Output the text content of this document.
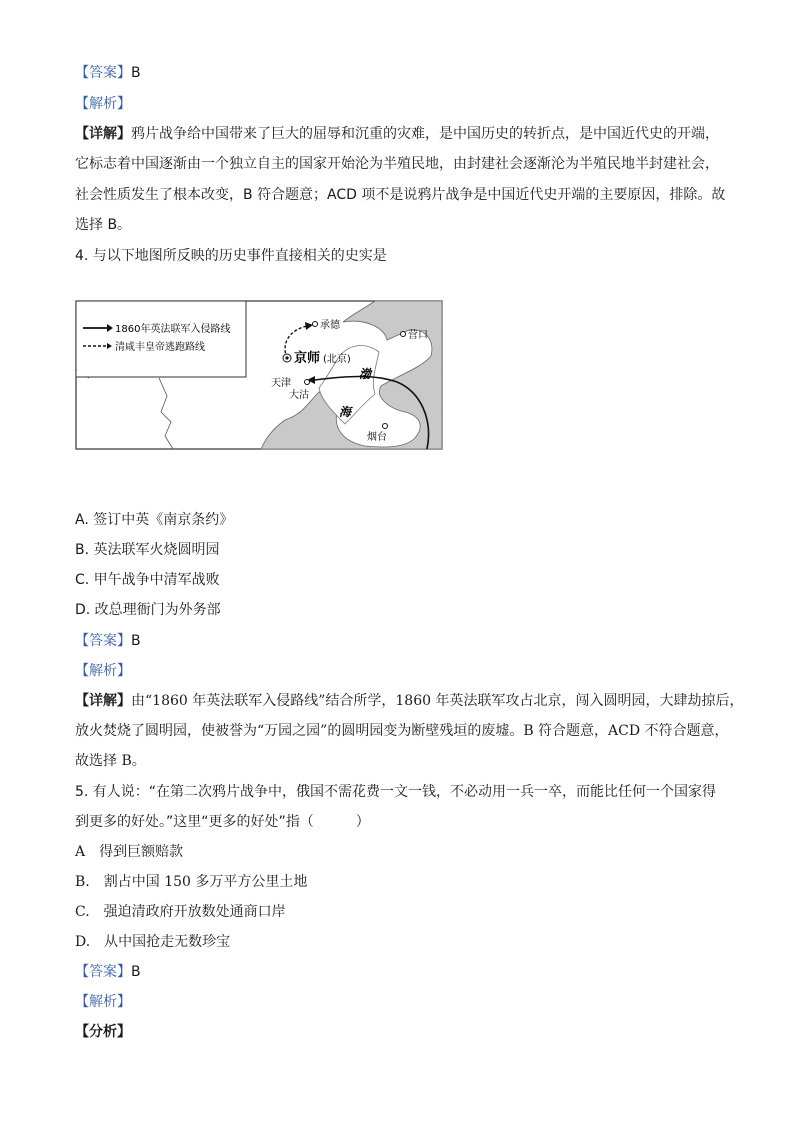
【答案】B
【解析】
【详解】鸦片战争给中国带来了巨大的屈辱和沉重的灾难，是中国历史的转折点，是中国近代史的开端，
它标志着中国逐渐由一个独立自主的国家开始沦为半殖民地，由封建社会逐渐沦为半殖民地半封建社会，
社会性质发生了根本改变，B 符合题意；ACD 项不是说鸦片战争是中国近代史开端的主要原因，排除。故
选择 B。
4. 与以下地图所反映的历史事件直接相关的史实是
1860年英法联军入侵路线
清咸丰皇帝逃跑路线
承德
营口
京师 (北京)
天津
大沽
渤
海
烟台
A. 签订中英《南京条约》
B. 英法联军火烧圆明园
C. 甲午战争中清军战败
D. 改总理衙门为外务部
【答案】B
【解析】
【详解】由“1860 年英法联军入侵路线”结合所学，1860 年英法联军攻占北京，闯入圆明园，大肆劫掠后，
放火焚烧了圆明园，使被誉为“万园之园”的圆明园变为断壁残垣的废墟。B 符合题意，ACD 不符合题意，
故选择 B。
5. 有人说：“在第二次鸦片战争中，俄国不需花费一文一钱，不必动用一兵一卒，而能比任何一个国家得
到更多的好处。”这里“更多的好处”指（　　　）
A　得到巨额赔款
B.　割占中国 150 多万平方公里土地
C.　强迫清政府开放数处通商口岸
D.　从中国抢走无数珍宝
【答案】B
【解析】
【分析】
